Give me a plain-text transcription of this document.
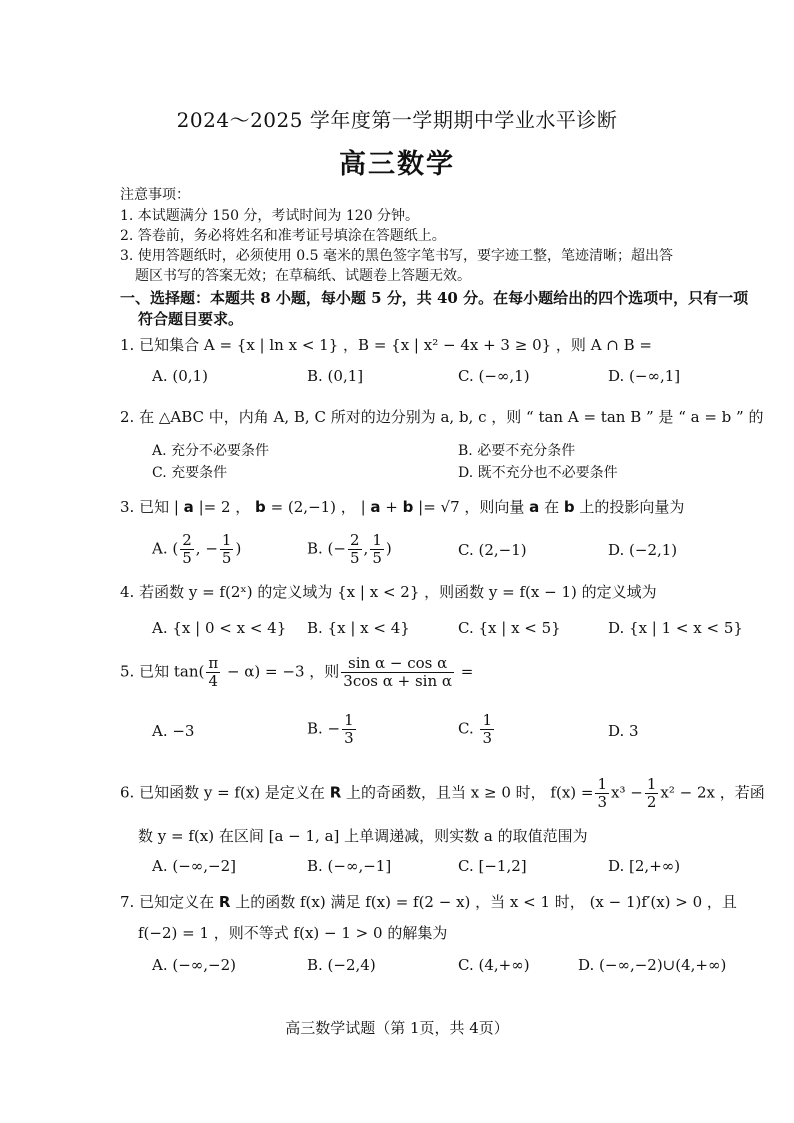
2024～2025 学年度第一学期期中学业水平诊断
高三数学
注意事项：
1. 本试题满分 150 分，考试时间为 120 分钟。
2. 答卷前，务必将姓名和准考证号填涂在答题纸上。
3. 使用答题纸时，必须使用 0.5 毫米的黑色签字笔书写，要字迹工整，笔迹清晰；超出答
题区书写的答案无效；在草稿纸、试题卷上答题无效。
一、选择题：本题共 8 小题，每小题 5 分，共 40 分。在每小题给出的四个选项中，只有一项
符合题目要求。
1. 已知集合 A = {x | ln x < 1} ，B = {x | x² − 4x + 3 ≥ 0} ，则 A ∩ B =
A. (0,1)	B. (0,1]	C. (−∞,1)	D. (−∞,1]
2. 在 △ABC 中，内角 A, B, C 所对的边分别为 a, b, c ，则 “ tan A = tan B ” 是 “ a = b ” 的
A. 充分不必要条件	B. 必要不充分条件
C. 充要条件	D. 既不充分也不必要条件
3. 已知 | a |= 2 ， b = (2,−1) ， | a + b |= √7 ，则向量 a 在 b 上的投影向量为
A. ( $\frac{2}{5}$ , − $\frac{1}{5}$ )	B. (− $\frac{2}{5}$ , $\frac{1}{5}$ )	C. (2,−1)	D. (−2,1)
4. 若函数 y = f(2ˣ) 的定义域为 {x | x < 2} ，则函数 y = f(x − 1) 的定义域为
A. {x | 0 < x < 4} B. {x | x < 4}	C. {x | x < 5}	D. {x | 1 < x < 5}
5. 已知 $\tan( \frac{\pi}{4} - \alpha) = -3$ ，则 $\frac{\text{sin α − cos α}}{\text{3cos α + sin α}}$ =
A. −3	B. − $\frac{1}{3}$	C. $\frac{1}{3}$	D. 3
6. 已知函数 y = f(x) 是定义在 R 上的奇函数，且当 x ≥ 0 时， $f(x) = \frac{1}{3} x^3 - \frac{1}{2} x^2 - 2x$ ，若函
数 y = f(x) 在区间 [a − 1, a] 上单调递减，则实数 a 的取值范围为
A. (−∞,−2]	B. (−∞,−1]	C. [−1,2]	D. [2,+∞)
7. 已知定义在 R 上的函数 f(x) 满足 f(x) = f(2 − x) ，当 x < 1 时， (x − 1)f′(x) > 0 ，且
f(−2) = 1 ，则不等式 f(x) − 1 > 0 的解集为
A. (−∞,−2)	B. (−2,4)	C. (4,+∞)	D. (−∞,−2)∪(4,+∞)
高三数学试题（第 1页，共 4页）
